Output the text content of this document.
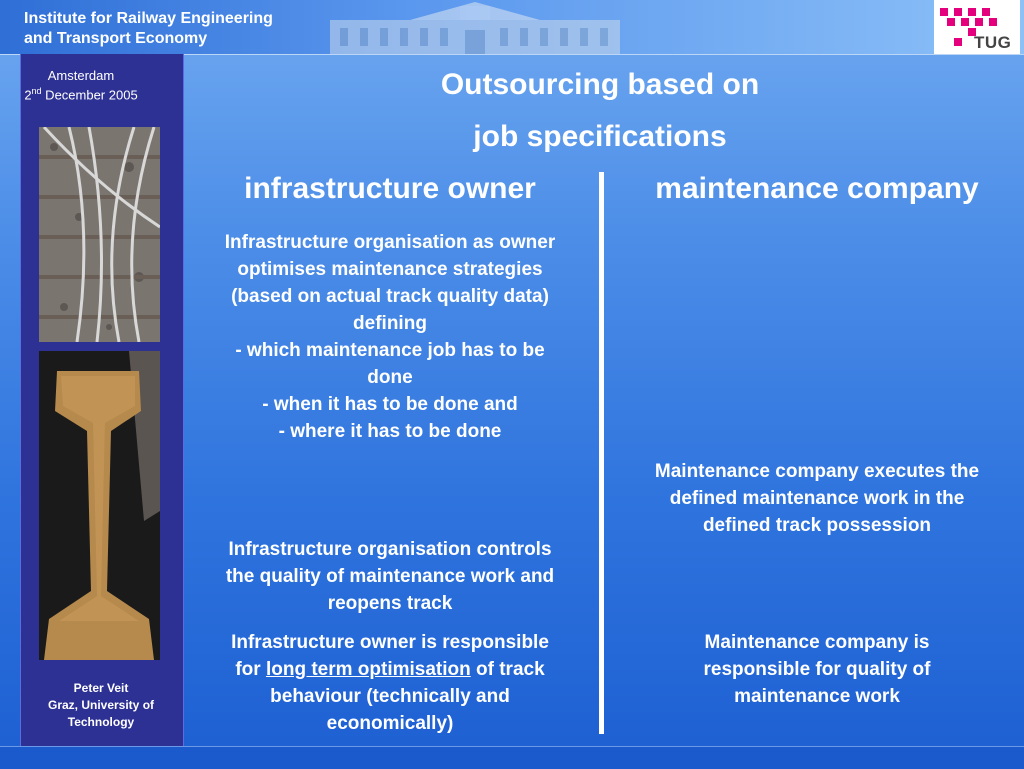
Institute for Railway Engineering
and Transport Economy	TUG
Amsterdam
2nd December 2005
Peter Veit
Graz, University of
Technology
Outsourcing based on
job specifications
infrastructure owner	maintenance company
Infrastructure organisation as owner
optimises maintenance strategies
(based on actual track quality data)
defining
- which maintenance job has to be
done
- when it has to be done and
- where it has to be done
Infrastructure organisation controls
the quality of maintenance work and
reopens track
Infrastructure owner is responsible
for long term optimisation of track
behaviour (technically and
economically)
Maintenance company executes the
defined maintenance work in the
defined track possession
Maintenance company is
responsible for quality of
maintenance work
